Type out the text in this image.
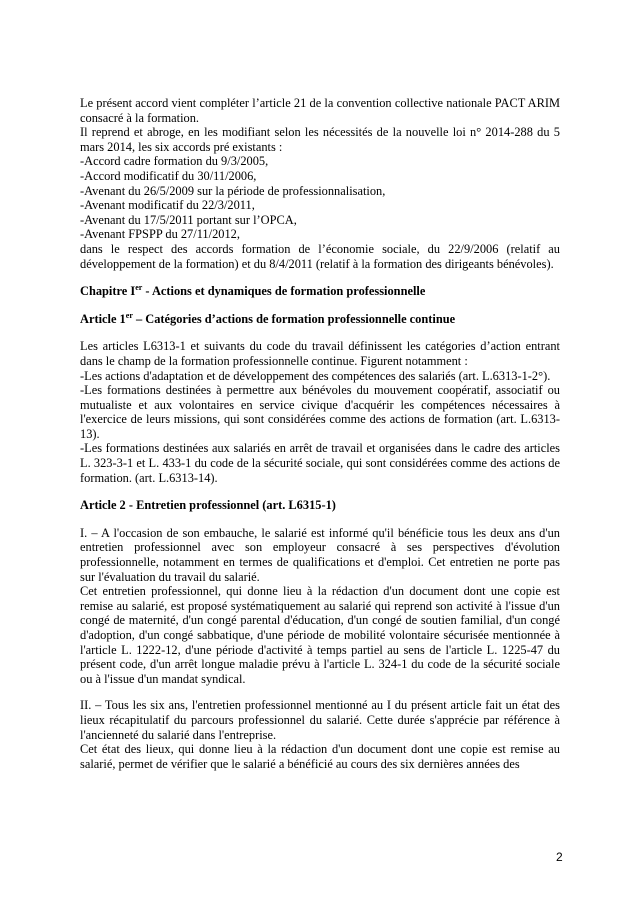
Le présent accord vient compléter l’article 21 de la convention collective nationale PACT ARIM consacré à la formation.

Il reprend et abroge, en les modifiant selon les nécessités de la nouvelle loi n° 2014-288 du 5 mars 2014, les six accords pré existants :

-Accord cadre formation du 9/3/2005,

-Accord modificatif du 30/11/2006,

-Avenant du 26/5/2009 sur la période de professionnalisation,

-Avenant modificatif du 22/3/2011,

-Avenant du 17/5/2011 portant sur l’OPCA,

-Avenant FPSPP du 27/11/2012,

dans le respect des accords formation de l’économie sociale, du 22/9/2006 (relatif au développement de la formation) et du 8/4/2011 (relatif à la formation des dirigeants bénévoles).

Chapitre Ier - Actions et dynamiques de formation professionnelle

Article 1er – Catégories d’actions de formation professionnelle continue

Les articles L6313-1 et suivants du code du travail définissent les catégories d’action entrant dans le champ de la formation professionnelle continue. Figurent notamment :

-Les actions d'adaptation et de développement des compétences des salariés (art. L.6313-1-2°).

-Les formations destinées à permettre aux bénévoles du mouvement coopératif, associatif ou mutualiste et aux volontaires en service civique d'acquérir les compétences nécessaires à l'exercice de leurs missions, qui sont considérées comme des actions de formation (art. L.6313-13).

-Les formations destinées aux salariés en arrêt de travail et organisées dans le cadre des articles L. 323-3-1 et L. 433-1 du code de la sécurité sociale, qui sont considérées comme des actions de formation. (art. L.6313-14).

Article 2 - Entretien professionnel (art. L6315-1)

I. – A l'occasion de son embauche, le salarié est informé qu'il bénéficie tous les deux ans d'un entretien professionnel avec son employeur consacré à ses perspectives d'évolution professionnelle, notamment en termes de qualifications et d'emploi. Cet entretien ne porte pas sur l'évaluation du travail du salarié.

Cet entretien professionnel, qui donne lieu à la rédaction d'un document dont une copie est remise au salarié, est proposé systématiquement au salarié qui reprend son activité à l'issue d'un congé de maternité, d'un congé parental d'éducation, d'un congé de soutien familial, d'un congé d'adoption, d'un congé sabbatique, d'une période de mobilité volontaire sécurisée mentionnée à l'article L. 1222-12, d'une période d'activité à temps partiel au sens de l'article L. 1225-47 du présent code, d'un arrêt longue maladie prévu à l'article L. 324-1 du code de la sécurité sociale ou à l'issue d'un mandat syndical.

II. – Tous les six ans, l'entretien professionnel mentionné au I du présent article fait un état des lieux récapitulatif du parcours professionnel du salarié. Cette durée s'apprécie par référence à l'ancienneté du salarié dans l'entreprise.

Cet état des lieux, qui donne lieu à la rédaction d'un document dont une copie est remise au salarié, permet de vérifier que le salarié a bénéficié au cours des six dernières années des

2
